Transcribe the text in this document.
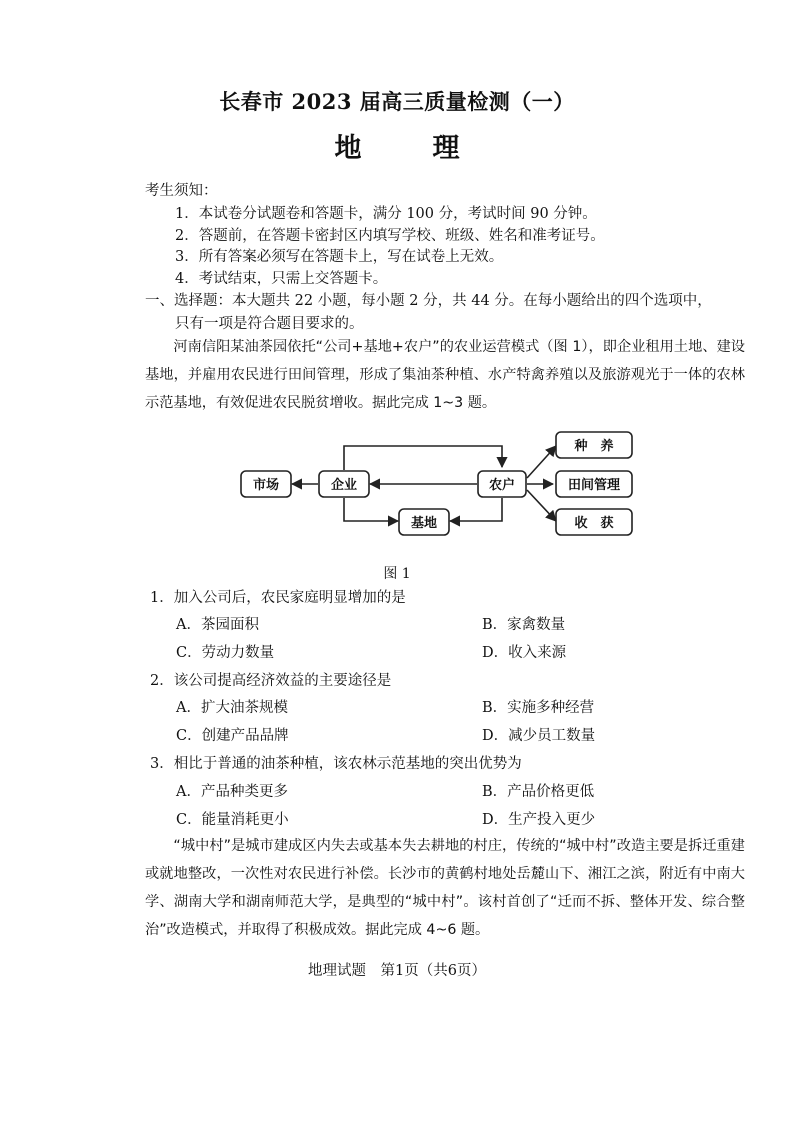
长春市 2023 届高三质量检测（一）
地　理
考生须知：
1．本试卷分试题卷和答题卡，满分 100 分，考试时间 90 分钟。
2．答题前，在答题卡密封区内填写学校、班级、姓名和准考证号。
3．所有答案必须写在答题卡上，写在试卷上无效。
4．考试结束，只需上交答题卡。
一、选择题：本大题共 22 小题，每小题 2 分，共 44 分。在每小题给出的四个选项中，
只有一项是符合题目要求的。
河南信阳某油茶园依托“公司+基地+农户”的农业运营模式（图 1），即企业租用土地、建设基地，并雇用农民进行田间管理，形成了集油茶种植、水产特禽养殖以及旅游观光于一体的农林示范基地，有效促进农民脱贫增收。据此完成 1~3 题。
市场	企业	农户
基地
种　养
田间管理
收　获
图 1
1．加入公司后，农民家庭明显增加的是
A．茶园面积	B．家禽数量
C．劳动力数量	D．收入来源
2．该公司提高经济效益的主要途径是
A．扩大油茶规模	B．实施多种经营
C．创建产品品牌	D．减少员工数量
3．相比于普通的油茶种植，该农林示范基地的突出优势为
A．产品种类更多	B．产品价格更低
C．能量消耗更小	D．生产投入更少
“城中村”是城市建成区内失去或基本失去耕地的村庄，传统的“城中村”改造主要是拆迁重建或就地整改，一次性对农民进行补偿。长沙市的黄鹤村地处岳麓山下、湘江之滨，附近有中南大学、湖南大学和湖南师范大学，是典型的“城中村”。该村首创了“迁而不拆、整体开发、综合整治”改造模式，并取得了积极成效。据此完成 4~6 题。
地理试题　第1页（共6页）
